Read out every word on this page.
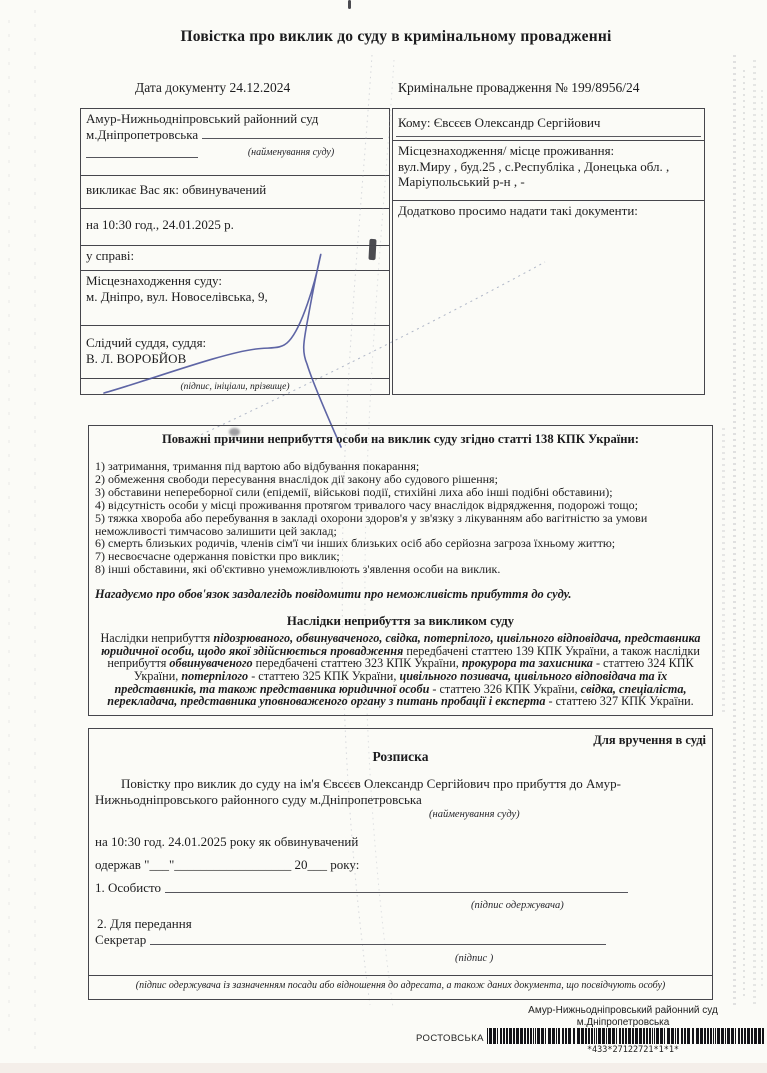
Повістка про виклик до суду в кримінальному провадженні
Дата документу 24.12.2024	Кримінальне провадження № 199/8956/24
Амур-Нижньодніпровський районний суд
м.Дніпропетровська
(найменування суду)
викликає Вас як: обвинувачений
на 10:30 год., 24.01.2025 р.
у справі:
Місцезнаходження суду:
м. Дніпро, вул. Новоселівська, 9,
Слідчий суддя, суддя:
В. Л. ВОРОБЙОВ
(підпис, ініціали, прізвище)
Кому: Євсєєв Олександр Сергійович
Місцезнаходження/ місце проживання:
вул.Миру , буд.25 , с.Республіка , Донецька обл. ,
Маріупольський р-н , -
Додатково просимо надати такі документи:
Поважні причини неприбуття особи на виклик суду згідно статті 138 КПК України:
1) затримання, тримання під вартою або відбування покарання;
2) обмеження свободи пересування внаслідок дії закону або судового рішення;
3) обставини непереборної сили (епідемії, військові події, стихійні лиха або інші подібні обставини);
4) відсутність особи у місці проживання протягом тривалого часу внаслідок відрядження, подорожі тощо;
5) тяжка хвороба або перебування в закладі охорони здоров'я у зв'язку з лікуванням або вагітністю за умови неможливості тимчасово залишити цей заклад;
6) смерть близьких родичів, членів сім'ї чи інших близьких осіб або серйозна загроза їхньому життю;
7) несвоєчасне одержання повістки про виклик;
8) інші обставини, які об'єктивно унеможливлюють з'явлення особи на виклик.
Нагадуємо про обов'язок заздалегідь повідомити про неможливість прибуття до суду.
Наслідки неприбуття за викликом суду
Наслідки неприбуття підозрюваного, обвинуваченого, свідка, потерпілого, цивільного відповідача, представника юридичної особи, щодо якої здійснюється провадження передбачені статтею 139 КПК України, а також наслідки неприбуття обвинуваченого передбачені статтею 323 КПК України, прокурора та захисника - статтею 324 КПК України, потерпілого - статтею 325 КПК України, цивільного позивача, цивільного відповідача та їх представників, та також представника юридичної особи - статтею 326 КПК України, свідка, спеціаліста, перекладача, представника уповноваженого органу з питань пробації і експерта - статтею 327 КПК України.
Для вручення в суді
Розписка
Повістку про виклик до суду на ім'я Євсєєв Олександр Сергійович про прибуття до Амур-
Нижньодніпровського районного суду м.Дніпропетровська
(найменування суду)
на 10:30 год. 24.01.2025 року як обвинувачений
одержав "___"__________________ 20___ року:
1. Особисто
(підпис одержувача)
2. Для передання
Секретар
(підпис )
(підпис одержувача із зазначенням посади або відношення до адресата, а також даних документа, що посвідчують особу)
Амур-Нижньодніпровський районний суд
м.Дніпропетровська
РОСТОВСЬКА
*433*27122721*1*1*
